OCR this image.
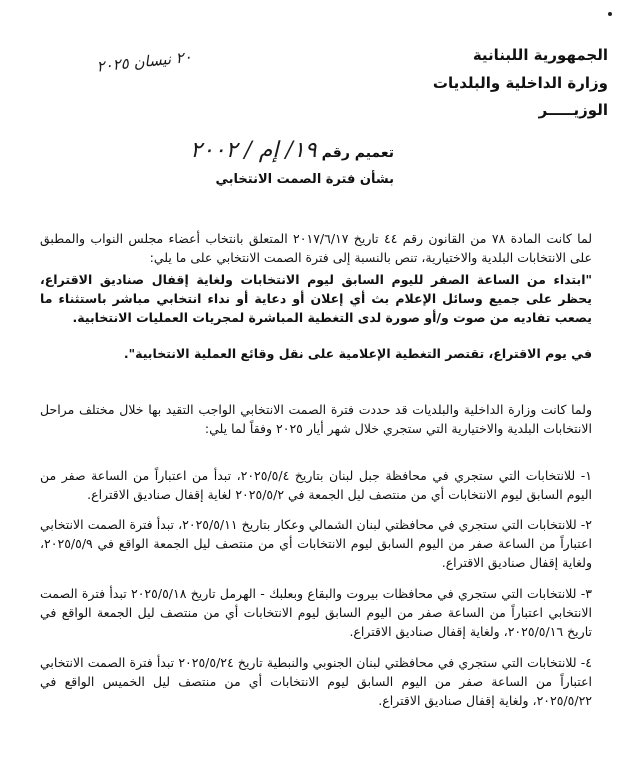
الجمهورية اللبنانية
وزارة الداخلية والبلديات
الوزيـــــر
٢٠ نيسان ٢٠٢٥
تعميم رقم ١٩/ إم / ٢٠٠٢
بشأن فترة الصمت الانتخابي
لما كانت المادة ٧٨ من القانون رقم ٤٤ تاريخ ٢٠١٧/٦/١٧ المتعلق بانتخاب أعضاء مجلس النواب والمطبق على الانتخابات البلدية والاختيارية، تنص بالنسبة إلى فترة الصمت الانتخابي على ما يلي:
"ابتداء من الساعة الصفر لليوم السابق ليوم الانتخابات ولغاية إقفال صناديق الاقتراع، يحظر على جميع وسائل الإعلام بث أي إعلان أو دعاية أو نداء انتخابي مباشر باستثناء ما يصعب تفاديه من صوت و/أو صورة لدى التغطية المباشرة لمجريات العمليات الانتخابية.
في يوم الاقتراع، تقتصر التغطية الإعلامية على نقل وقائع العملية الانتخابية".
ولما كانت وزارة الداخلية والبلديات قد حددت فترة الصمت الانتخابي الواجب التقيد بها خلال مختلف مراحل الانتخابات البلدية والاختيارية التي ستجري خلال شهر أيار ٢٠٢٥ وفقاً لما يلي:
١- للانتخابات التي ستجري في محافظة جبل لبنان بتاريخ ٢٠٢٥/٥/٤، تبدأ من اعتباراً من الساعة صفر من اليوم السابق ليوم الانتخابات أي من منتصف ليل الجمعة في ٢٠٢٥/٥/٢ لغاية إقفال صناديق الاقتراع.
٢- للانتخابات التي ستجري في محافظتي لبنان الشمالي وعكار بتاريخ ٢٠٢٥/٥/١١، تبدأ فترة الصمت الانتخابي اعتباراً من الساعة صفر من اليوم السابق ليوم الانتخابات أي من منتصف ليل الجمعة الواقع في ٢٠٢٥/٥/٩، ولغاية إقفال صناديق الاقتراع.
٣- للانتخابات التي ستجري في محافظات بيروت والبقاع وبعلبك - الهرمل تاريخ ٢٠٢٥/٥/١٨ تبدأ فترة الصمت الانتخابي اعتباراً من الساعة صفر من اليوم السابق ليوم الانتخابات أي من منتصف ليل الجمعة الواقع في تاريخ ٢٠٢٥/٥/١٦، ولغاية إقفال صناديق الاقتراع.
٤- للانتخابات التي ستجري في محافظتي لبنان الجنوبي والنبطية تاريخ ٢٠٢٥/٥/٢٤ تبدأ فترة الصمت الانتخابي اعتباراً من الساعة صفر من اليوم السابق ليوم الانتخابات أي من منتصف ليل الخميس الواقع في ٢٠٢٥/٥/٢٢، ولغاية إقفال صناديق الاقتراع.
